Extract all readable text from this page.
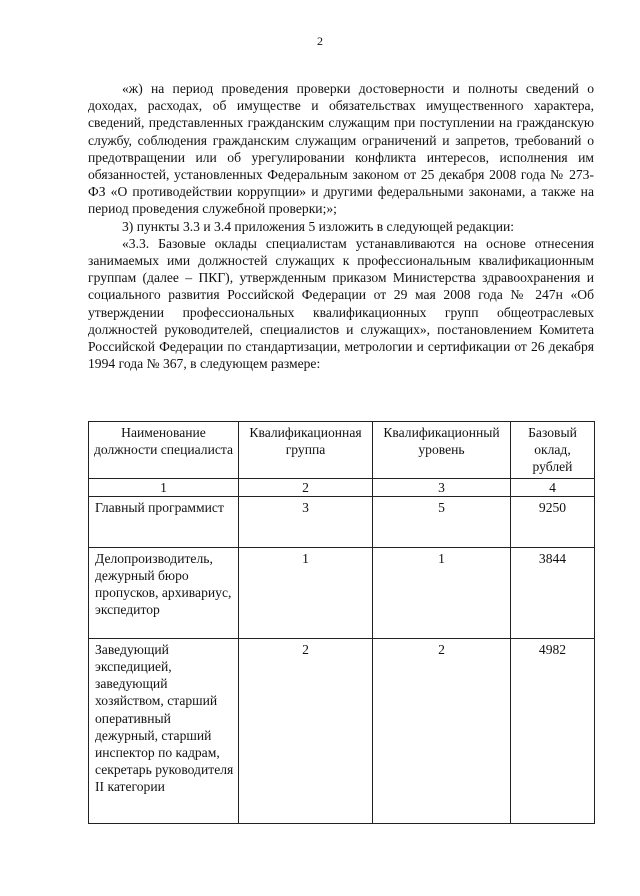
2

«ж) на период проведения проверки достоверности и полноты сведений о доходах, расходах, об имуществе и обязательствах имущественного характера, сведений, представленных гражданским служащим при поступлении на гражданскую службу, соблюдения гражданским служащим ограничений и запретов, требований о предотвращении или об урегулировании конфликта интересов, исполнения им обязанностей, установленных Федеральным законом от 25 декабря 2008 года № 273-ФЗ «О противодействии коррупции» и другими федеральными законами, а также на период проведения служебной проверки;»;

3) пункты 3.3 и 3.4 приложения 5 изложить в следующей редакции:

«3.3. Базовые оклады специалистам устанавливаются на основе отнесения занимаемых ими должностей служащих к профессиональным квалификационным группам (далее – ПКГ), утвержденным приказом Министерства здравоохранения и социального развития Российской Федерации от 29 мая 2008 года № 247н «Об утверждении профессиональных квалификационных групп общеотраслевых должностей руководителей, специалистов и служащих», постановлением Комитета Российской Федерации по стандартизации, метрологии и сертификации от 26 декабря 1994 года № 367, в следующем размере:

Наименование должности специалиста	Квалификационная группа	Квалификационный уровень	Базовый оклад, рублей
1	2	3	4
Главный программист	3	5	9250
Делопроизводитель, дежурный бюро пропусков, архивариус, экспедитор	1	1	3844
Заведующий экспедицией, заведующий хозяйством, старший оперативный дежурный, старший инспектор по кадрам, секретарь руководителя II категории	2	2	4982
